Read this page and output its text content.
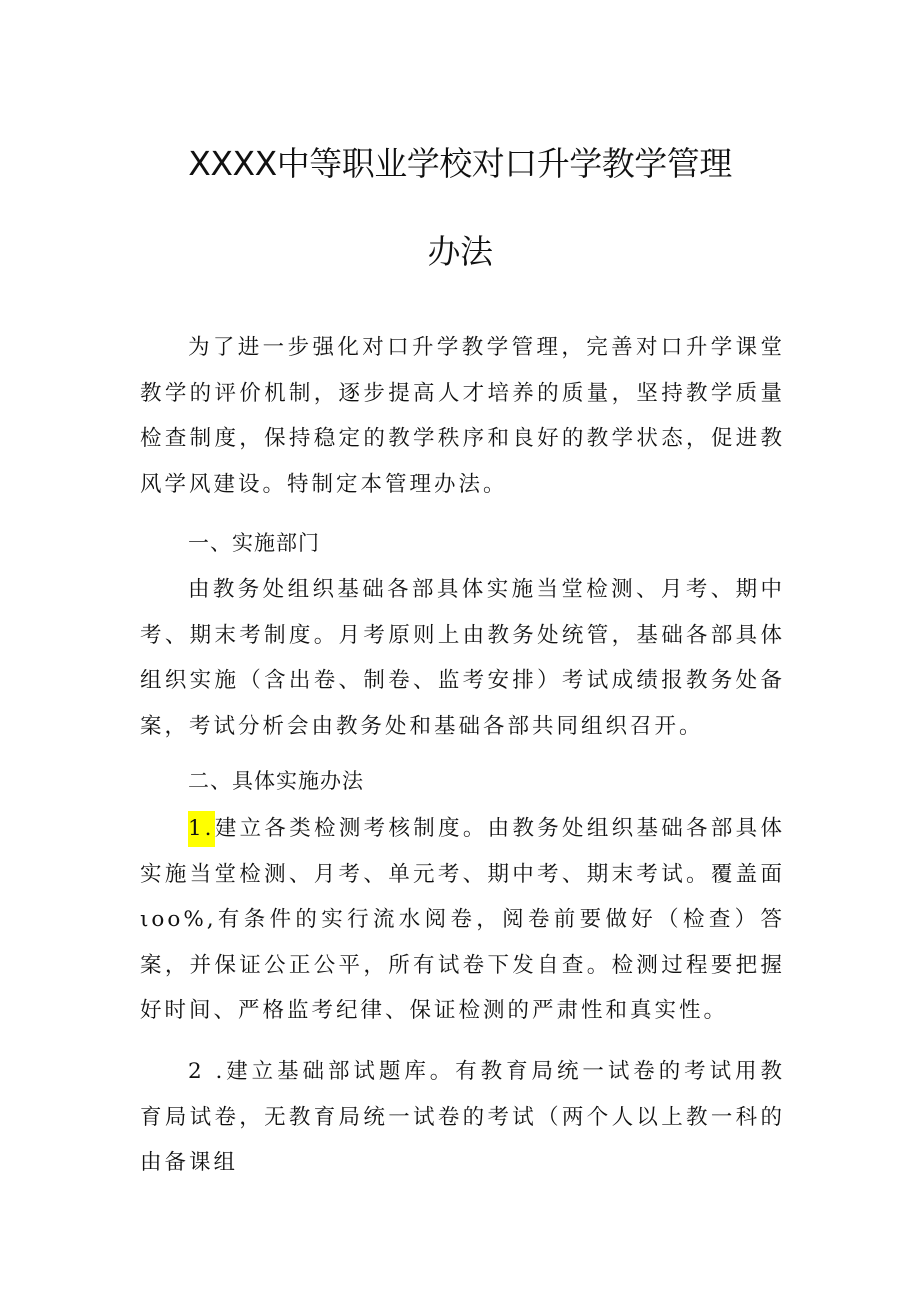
XXXX中等职业学校对口升学教学管理
办法

为了进一步强化对口升学教学管理，完善对口升学课堂教学的评价机制，逐步提高人才培养的质量，坚持教学质量检查制度，保持稳定的教学秩序和良好的教学状态，促进教风学风建设。特制定本管理办法。

一、实施部门

由教务处组织基础各部具体实施当堂检测、月考、期中考、期末考制度。月考原则上由教务处统管，基础各部具体组织实施（含出卷、制卷、监考安排）考试成绩报教务处备案，考试分析会由教务处和基础各部共同组织召开。

二、具体实施办法

1.建立各类检测考核制度。由教务处组织基础各部具体实施当堂检测、月考、单元考、期中考、期末考试。覆盖面ιoo%,有条件的实行流水阅卷，阅卷前要做好（检查）答案，并保证公正公平，所有试卷下发自查。检测过程要把握好时间、严格监考纪律、保证检测的严肃性和真实性。

2 .建立基础部试题库。有教育局统一试卷的考试用教育局试卷，无教育局统一试卷的考试（两个人以上教一科的由备课组
